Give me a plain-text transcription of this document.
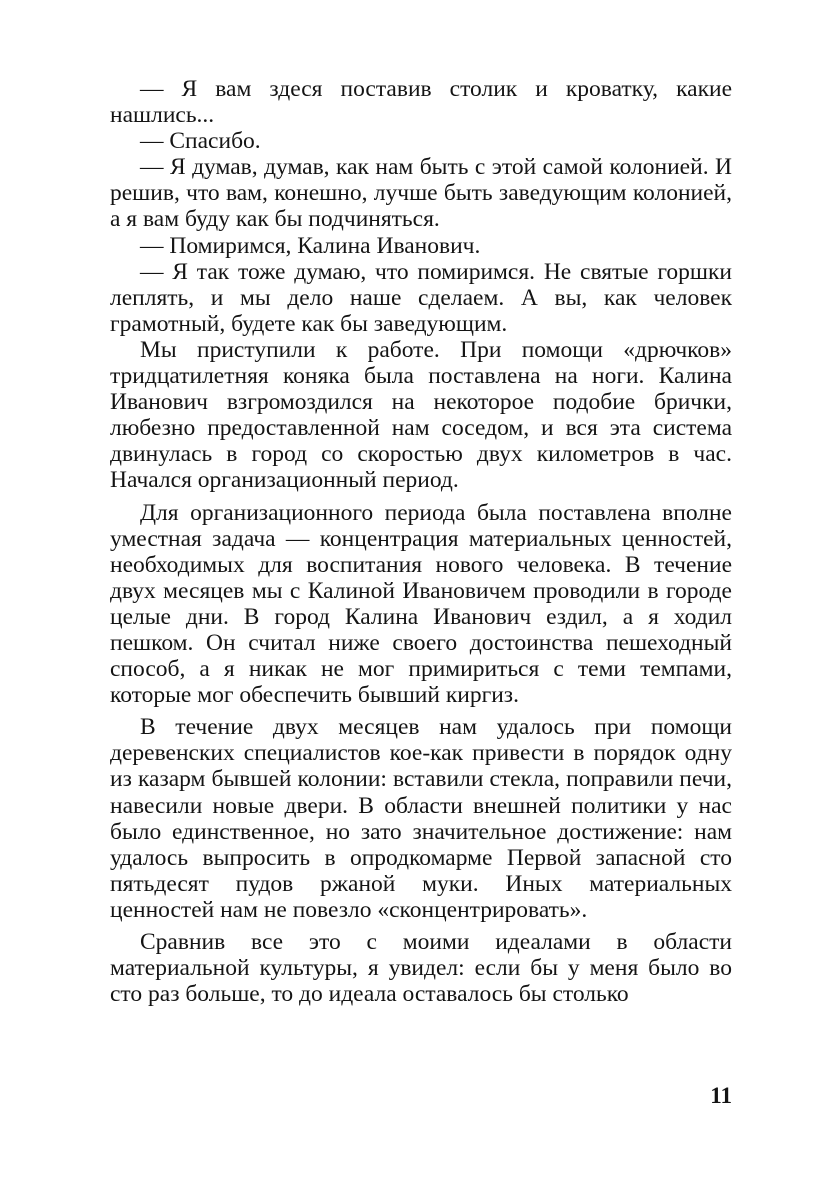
— Я вам здеся поставив столик и кроватку, какие нашлись...

— Спасибо.

— Я думав, думав, как нам быть с этой самой колонией. И решив, что вам, конешно, лучше быть заведующим колонией, а я вам буду как бы подчиняться.

— Помиримся, Калина Иванович.

— Я так тоже думаю, что помиримся. Не святые горшки леплять, и мы дело наше сделаем. А вы, как человек грамотный, будете как бы заведующим.

Мы приступили к работе. При помощи «дрючков» тридцатилетняя коняка была поставлена на ноги. Калина Иванович взгромоздился на некоторое подобие брички, любезно предоставленной нам соседом, и вся эта система двинулась в город со скоростью двух километров в час. Начался организационный период.

Для организационного периода была поставлена вполне уместная задача — концентрация материальных ценностей, необходимых для воспитания нового человека. В течение двух месяцев мы с Калиной Ивановичем проводили в городе целые дни. В город Калина Иванович ездил, а я ходил пешком. Он считал ниже своего достоинства пешеходный способ, а я никак не мог примириться с теми темпами, которые мог обеспечить бывший киргиз.

В течение двух месяцев нам удалось при помощи деревенских специалистов кое-как привести в порядок одну из казарм бывшей колонии: вставили стекла, поправили печи, навесили новые двери. В области внешней политики у нас было единственное, но зато значительное достижение: нам удалось выпросить в опродкомарме Первой запасной сто пятьдесят пудов ржаной муки. Иных материальных ценностей нам не повезло «сконцентрировать».

Сравнив все это с моими идеалами в области материальной культуры, я увидел: если бы у меня было во сто раз больше, то до идеала оставалось бы столько

11
